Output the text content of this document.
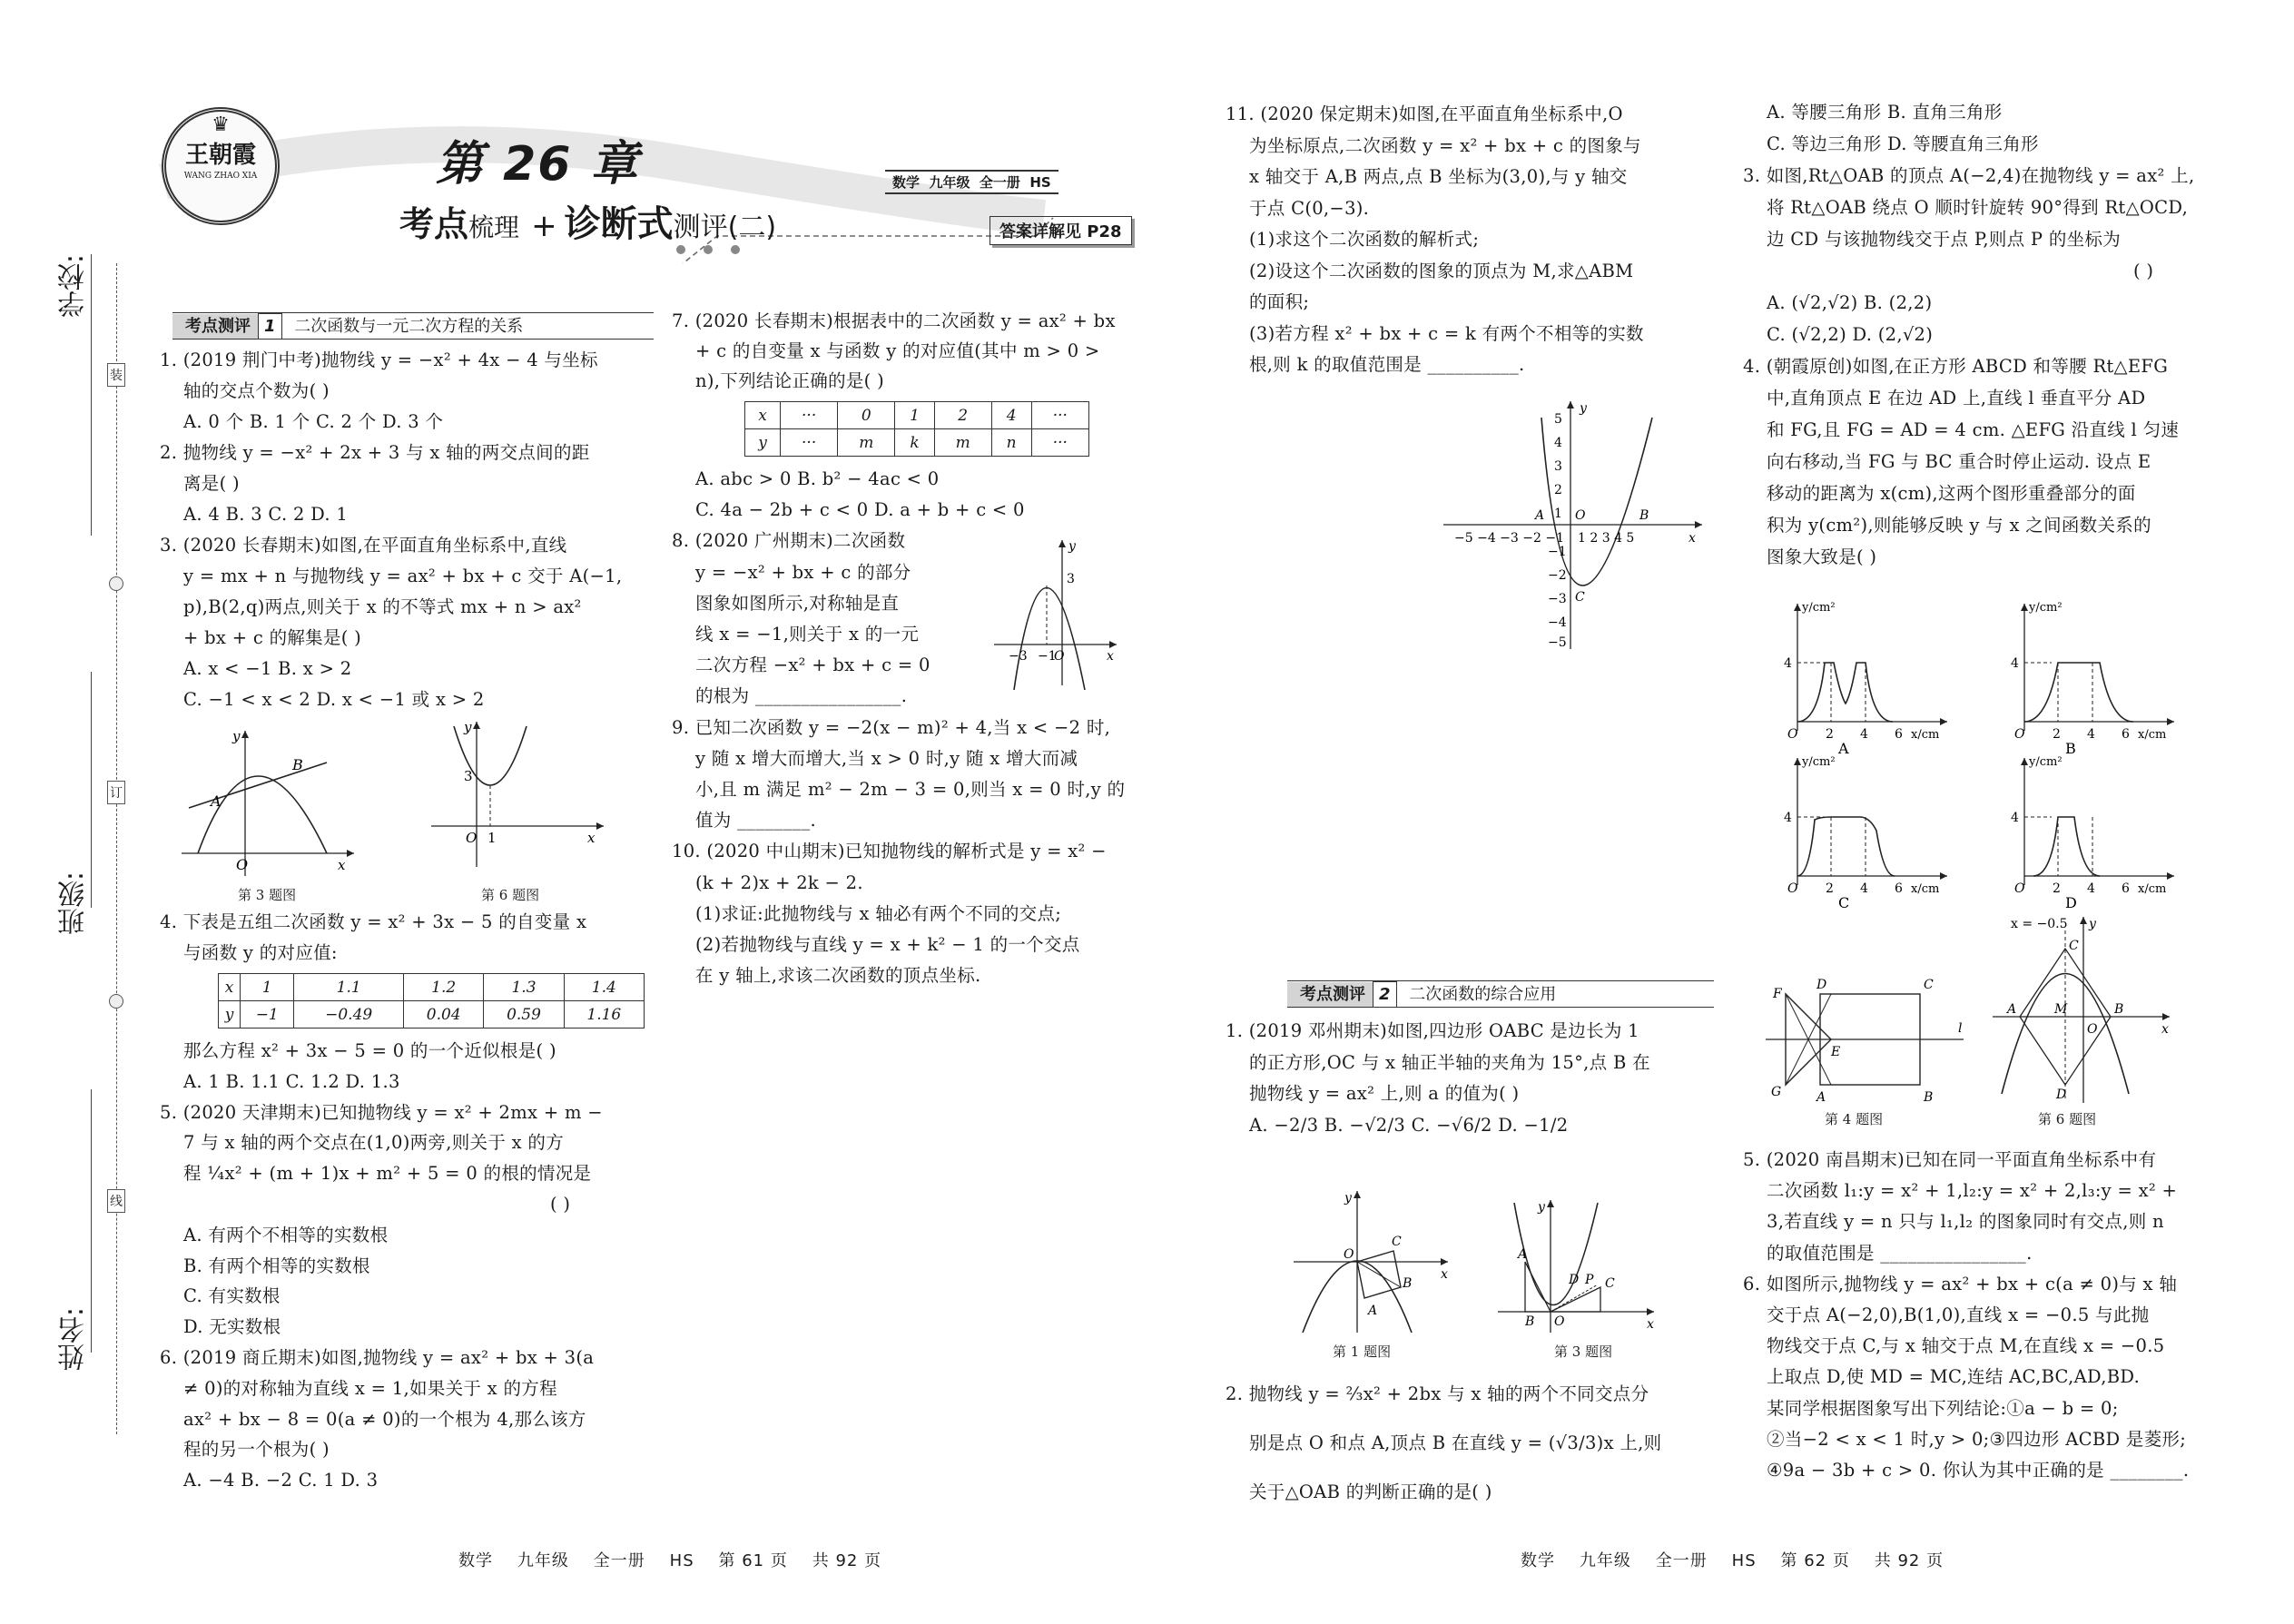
学校:
班级:
姓名:
装
订
线
♛
王朝霞
WANG ZHAO XIA	第 26 章
考点梳理 + 诊断式测评(二)
数学  九年级  全一册  HS
答案详解见 P28
考点测评 1 二次函数与一元二次方程的关系
1. (2019 荆门中考)抛物线 y = −x² + 4x − 4 与坐标
轴的交点个数为( )
A. 0 个 B. 1 个 C. 2 个 D. 3 个
2. 抛物线 y = −x² + 2x + 3 与 x 轴的两交点间的距
离是( )
A. 4 B. 3 C. 2 D. 1
3. (2020 长春期末)如图,在平面直角坐标系中,直线
y = mx + n 与抛物线 y = ax² + bx + c 交于 A(−1,
p),B(2,q)两点,则关于 x 的不等式 mx + n > ax²
+ bx + c 的解集是( )
A. x < −1 B. x > 2
C. −1 < x < 2 D. x < −1 或 x > 2
A
B
O	x
y
第 3 题图
3
O 1	x
y
第 6 题图
4. 下表是五组二次函数 y = x² + 3x − 5 的自变量 x
与函数 y 的对应值:
x	1	1.1	1.2	1.3	1.4
y	−1	−0.49	0.04	0.59	1.16
那么方程 x² + 3x − 5 = 0 的一个近似根是( )
A. 1 B. 1.1 C. 1.2 D. 1.3
5. (2020 天津期末)已知抛物线 y = x² + 2mx + m −
7 与 x 轴的两个交点在(1,0)两旁,则关于 x 的方
程 ¼x² + (m + 1)x + m² + 5 = 0 的根的情况是
( )
A. 有两个不相等的实数根
B. 有两个相等的实数根
C. 有实数根
D. 无实数根
6. (2019 商丘期末)如图,抛物线 y = ax² + bx + 3(a
≠ 0)的对称轴为直线 x = 1,如果关于 x 的方程
ax² + bx − 8 = 0(a ≠ 0)的一个根为 4,那么该方
程的另一个根为( )
A. −4 B. −2 C. 1 D. 3
7. (2020 长春期末)根据表中的二次函数 y = ax² + bx
+ c 的自变量 x 与函数 y 的对应值(其中 m > 0 >
n),下列结论正确的是( )
x	···	0	1	2	4	···
y	···	m	k	m	n	···
A. abc > 0 B. b² − 4ac < 0
C. 4a − 2b + c < 0 D. a + b + c < 0
8. (2020 广州期末)二次函数
y = −x² + bx + c 的部分
图象如图所示,对称轴是直
线 x = −1,则关于 x 的一元
二次方程 −x² + bx + c = 0
的根为 ________________.
9. 已知二次函数 y = −2(x − m)² + 4,当 x < −2 时,
y 随 x 增大而增大,当 x > 0 时,y 随 x 增大而减
小,且 m 满足 m² − 2m − 3 = 0,则当 x = 0 时,y 的
值为 ________.
10. (2020 中山期末)已知抛物线的解析式是 y = x² −
(k + 2)x + 2k − 2.
(1)求证:此抛物线与 x 轴必有两个不同的交点;
(2)若抛物线与直线 y = x + k² − 1 的一个交点
在 y 轴上,求该二次函数的顶点坐标.
3
−3 −1
O	x
y
11. (2020 保定期末)如图,在平面直角坐标系中,O
为坐标原点,二次函数 y = x² + bx + c 的图象与
x 轴交于 A,B 两点,点 B 坐标为(3,0),与 y 轴交
于点 C(0,−3).
(1)求这个二次函数的解析式;
(2)设这个二次函数的图象的顶点为 M,求△ABM
的面积;
(3)若方程 x² + bx + c = k 有两个不相等的实数
根,则 k 的取值范围是 __________.
−5 −4 −3 −2 −1 1 2 3 4 5
5
4
3
2
1
−1
−2
−3
−4
−5
A O	B
C
x
y
考点测评 2 二次函数的综合应用
1. (2019 邓州期末)如图,四边形 OABC 是边长为 1
的正方形,OC 与 x 轴正半轴的夹角为 15°,点 B 在
抛物线 y = ax² 上,则 a 的值为( )
A. −2/3 B. −√2/3 C. −√6/2 D. −1/2
O
C
B
A
x
y
第 1 题图
A
B O
D P C
x
y
第 3 题图
2. 抛物线 y = ⅔x² + 2bx 与 x 轴的两个不同交点分
别是点 O 和点 A,顶点 B 在直线 y = (√3/3)x 上,则
关于△OAB 的判断正确的是( )
A. 等腰三角形 B. 直角三角形
C. 等边三角形 D. 等腰直角三角形
3. 如图,Rt△OAB 的顶点 A(−2,4)在抛物线 y = ax² 上,
将 Rt△OAB 绕点 O 顺时针旋转 90°得到 Rt△OCD,
边 CD 与该抛物线交于点 P,则点 P 的坐标为
( )
A. (√2,√2) B. (2,2)
C. (√2,2) D. (2,√2)
4. (朝霞原创)如图,在正方形 ABCD 和等腰 Rt△EFG
中,直角顶点 E 在边 AD 上,直线 l 垂直平分 AD
和 FG,且 FG = AD = 4 cm. △EFG 沿直线 l 匀速
向右移动,当 FG 与 BC 重合时停止运动. 设点 E
移动的距离为 x(cm),这两个图形重叠部分的面
积为 y(cm²),则能够反映 y 与 x 之间函数关系的
图象大致是( )
4
O 2 4 6 x/cm
y/cm²
A
4
O 2 4 6 x/cm
y/cm²
B
4
O 2 4 6 x/cm
y/cm²
C
4
O 2 4 6 x/cm
y/cm²
D
F
G
D	C
A	B
E
l
第 4 题图
x = −0.5
A	B
C
D
M
O	x
y
第 6 题图
5. (2020 南昌期末)已知在同一平面直角坐标系中有
二次函数 l₁:y = x² + 1,l₂:y = x² + 2,l₃:y = x² +
3,若直线 y = n 只与 l₁,l₂ 的图象同时有交点,则 n
的取值范围是 ________________.
6. 如图所示,抛物线 y = ax² + bx + c(a ≠ 0)与 x 轴
交于点 A(−2,0),B(1,0),直线 x = −0.5 与此抛
物线交于点 C,与 x 轴交于点 M,在直线 x = −0.5
上取点 D,使 MD = MC,连结 AC,BC,AD,BD.
某同学根据图象写出下列结论:①a − b = 0;
②当−2 < x < 1 时,y > 0;③四边形 ACBD 是菱形;
④9a − 3b + c > 0. 你认为其中正确的是 ________.
数学    九年级    全一册    HS    第 61 页    共 92 页	数学    九年级    全一册    HS    第 62 页    共 92 页
